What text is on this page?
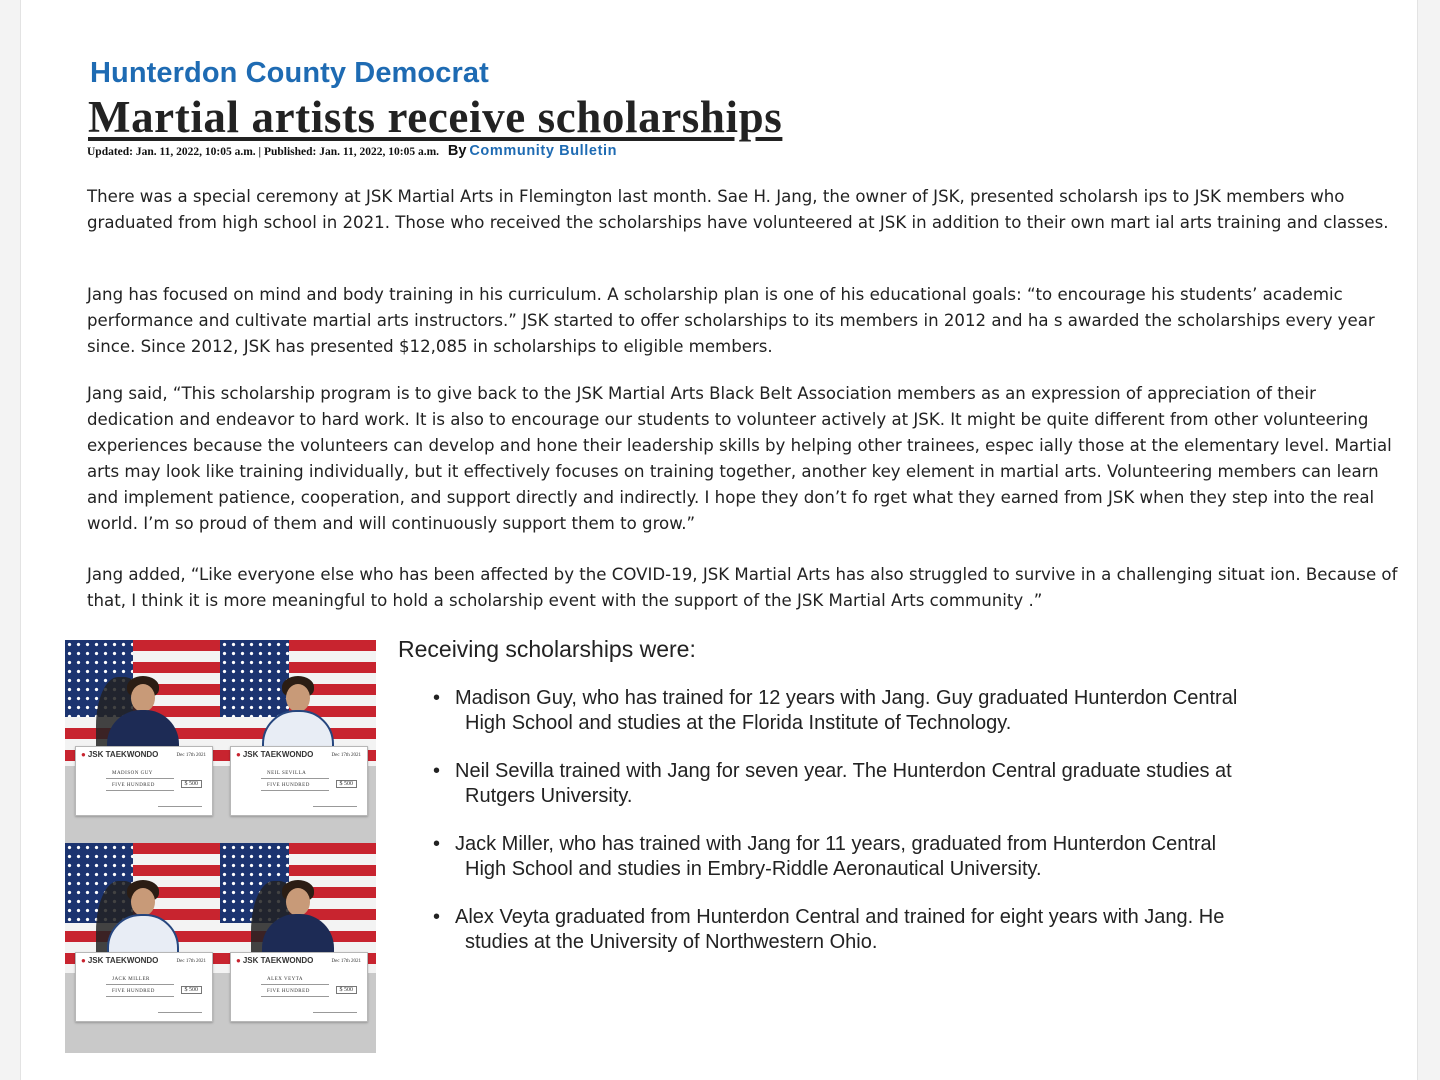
Hunterdon County Democrat
Martial artists receive scholarships
Updated: Jan. 11, 2022, 10:05 a.m. | Published: Jan. 11, 2022, 10:05 a.m. By Community Bulletin

There was a special ceremony at JSK Martial Arts in Flemington last month. Sae H. Jang, the owner of JSK, presented scholarsh ips to JSK members who graduated from high school in 2021. Those who received the scholarships have volunteered at JSK in addition to their own mart ial arts training and classes.

Jang has focused on mind and body training in his curriculum. A scholarship plan is one of his educational goals: “to encourage his students’ academic performance and cultivate martial arts instructors.” JSK started to offer scholarships to its members in 2012 and ha s awarded the scholarships every year since. Since 2012, JSK has presented $12,085 in scholarships to eligible members.

Jang said, “This scholarship program is to give back to the JSK Martial Arts Black Belt Association members as an expression of appreciation of their dedication and endeavor to hard work. It is also to encourage our students to volunteer actively at JSK. It might be quite different from other volunteering experiences because the volunteers can develop and hone their leadership skills by helping other trainees, espec ially those at the elementary level. Martial arts may look like training individually, but it effectively focuses on training together, another key element in martial arts. Volunteering members can learn and implement patience, cooperation, and support directly and indirectly. I hope they don’t fo rget what they earned from JSK when they step into the real world. I’m so proud of them and will continuously support them to grow.”

Jang added, “Like everyone else who has been affected by the COVID-19, JSK Martial Arts has also struggled to survive in a challenging situat ion. Because of that, I think it is more meaningful to hold a scholarship event with the support of the JSK Martial Arts community .”

● JSK TAEKWONDO	Dec 17th 2021
MADISON GUY
FIVE HUNDRED	$ 500
● JSK TAEKWONDO	Dec 17th 2021
NEIL SEVILLA
FIVE HUNDRED	$ 500
● JSK TAEKWONDO	Dec 17th 2021
JACK MILLER
FIVE HUNDRED	$ 500
● JSK TAEKWONDO	Dec 17th 2021
ALEX VEYTA
FIVE HUNDRED	$ 500
Receiving scholarships were:
• Madison Guy, who has trained for 12 years with Jang. Guy graduated Hunterdon Central
High School and studies at the Florida Institute of Technology.
• Neil Sevilla trained with Jang for seven year. The Hunterdon Central graduate studies at
Rutgers University.
• Jack Miller, who has trained with Jang for 11 years, graduated from Hunterdon Central
High School and studies in Embry-Riddle Aeronautical University.
• Alex Veyta graduated from Hunterdon Central and trained for eight years with Jang. He
studies at the University of Northwestern Ohio.
